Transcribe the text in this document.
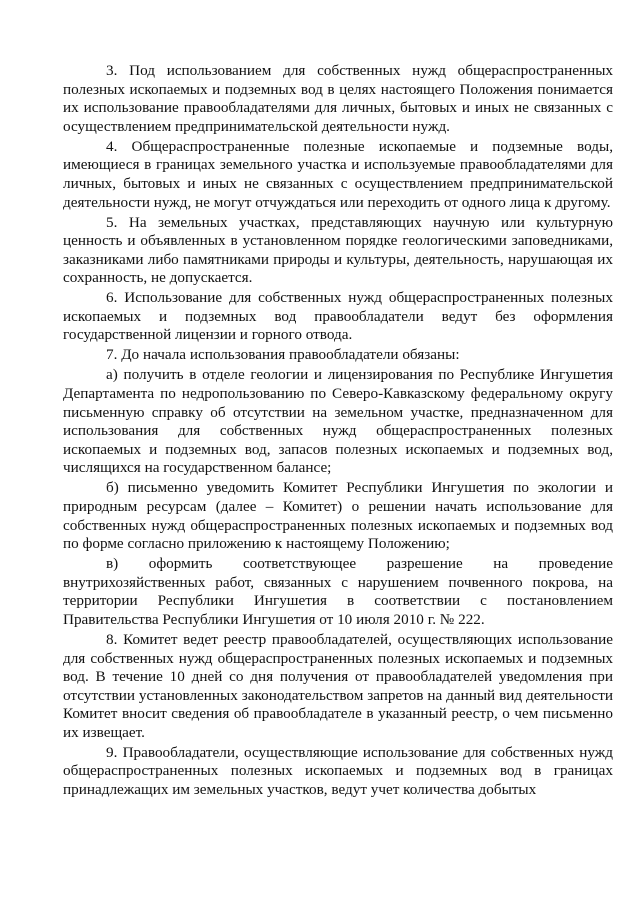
3. Под использованием для собственных нужд общераспространенных полезных ископаемых и подземных вод в целях настоящего Положения понимается их использование правообладателями для личных, бытовых и иных не связанных с осуществлением предпринимательской деятельности нужд.

4. Общераспространенные полезные ископаемые и подземные воды, имеющиеся в границах земельного участка и используемые правообладателями для личных, бытовых и иных не связанных с осуществлением предпринимательской деятельности нужд, не могут отчуждаться или переходить от одного лица к другому.

5. На земельных участках, представляющих научную или культурную ценность и объявленных в установленном порядке геологическими заповедниками, заказниками либо памятниками природы и культуры, деятельность, нарушающая их сохранность, не допускается.

6. Использование для собственных нужд общераспространенных полезных ископаемых и подземных вод правообладатели ведут без оформления государственной лицензии и горного отвода.

7. До начала использования правообладатели обязаны:

а) получить в отделе геологии и лицензирования по Республике Ингушетия Департамента по недропользованию по Северо-Кавказскому федеральному округу письменную справку об отсутствии на земельном участке, предназначенном для использования для собственных нужд общераспространенных полезных ископаемых и подземных вод, запасов полезных ископаемых и подземных вод, числящихся на государственном балансе;

б) письменно уведомить Комитет Республики Ингушетия по экологии и природным ресурсам (далее – Комитет) о решении начать использование для собственных нужд общераспространенных полезных ископаемых и подземных вод по форме согласно приложению к настоящему Положению;

в) оформить соответствующее разрешение на проведение внутрихозяйственных работ, связанных с нарушением почвенного покрова, на территории Республики Ингушетия в соответствии с постановлением Правительства Республики Ингушетия от 10 июля 2010 г. № 222.

8. Комитет ведет реестр правообладателей, осуществляющих использование для собственных нужд общераспространенных полезных ископаемых и подземных вод. В течение 10 дней со дня получения от правообладателей уведомления при отсутствии установленных законодательством запретов на данный вид деятельности Комитет вносит сведения об правообладателе в указанный реестр, о чем письменно их извещает.

9. Правообладатели, осуществляющие использование для собственных нужд общераспространенных полезных ископаемых и подземных вод в границах принадлежащих им земельных участков, ведут учет количества добытых
